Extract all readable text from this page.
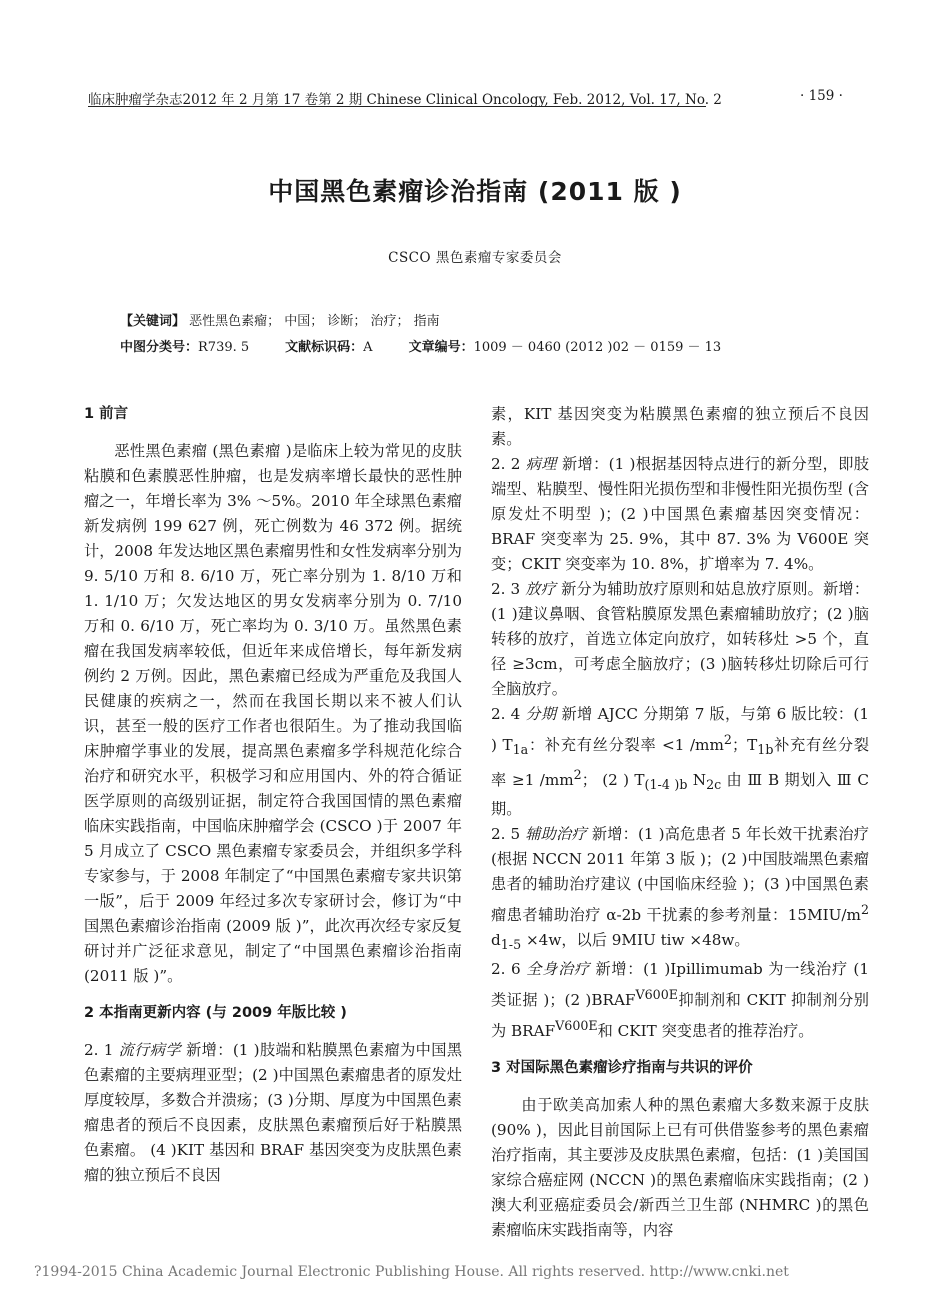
临床肿瘤学杂志2012 年 2 月第 17 卷第 2 期 Chinese Clinical Oncology, Feb. 2012, Vol. 17, No. 2	· 159 ·
中国黑色素瘤诊治指南 (2011 版 )
CSCO 黑色素瘤专家委员会
【关键词】 恶性黑色素瘤； 中国； 诊断； 治疗； 指南
中图分类号：R739. 5	文献标识码：A	文章编号：1009 － 0460 (2012 )02 － 0159 － 13

1 前言

恶性黑色素瘤 (黑色素瘤 )是临床上较为常见的皮肤粘膜和色素膜恶性肿瘤，也是发病率增长最快的恶性肿瘤之一，年增长率为 3% ～5%。2010 年全球黑色素瘤新发病例 199 627 例，死亡例数为 46 372 例。据统计，2008 年发达地区黑色素瘤男性和女性发病率分别为 9. 5/10 万和 8. 6/10 万，死亡率分别为 1. 8/10 万和 1. 1/10 万；欠发达地区的男女发病率分别为 0. 7/10 万和 0. 6/10 万，死亡率均为 0. 3/10 万。虽然黑色素瘤在我国发病率较低，但近年来成倍增长，每年新发病例约 2 万例。因此，黑色素瘤已经成为严重危及我国人民健康的疾病之一，然而在我国长期以来不被人们认识，甚至一般的医疗工作者也很陌生。为了推动我国临床肿瘤学事业的发展，提高黑色素瘤多学科规范化综合治疗和研究水平，积极学习和应用国内、外的符合循证医学原则的高级别证据，制定符合我国国情的黑色素瘤临床实践指南，中国临床肿瘤学会 (CSCO )于 2007 年 5 月成立了 CSCO 黑色素瘤专家委员会，并组织多学科专家参与，于 2008 年制定了“中国黑色素瘤专家共识第一版”，后于 2009 年经过多次专家研讨会，修订为“中国黑色素瘤诊治指南 (2009 版 )”，此次再次经专家反复研讨并广泛征求意见，制定了“中国黑色素瘤诊治指南 (2011 版 )”。

2 本指南更新内容 (与 2009 年版比较 )

2. 1 流行病学 新增：(1 )肢端和粘膜黑色素瘤为中国黑色素瘤的主要病理亚型；(2 )中国黑色素瘤患者的原发灶厚度较厚，多数合并溃疡；(3 )分期、厚度为中国黑色素瘤患者的预后不良因素，皮肤黑色素瘤预后好于粘膜黑色素瘤。 (4 )KIT 基因和 BRAF 基因突变为皮肤黑色素瘤的独立预后不良因

素，KIT 基因突变为粘膜黑色素瘤的独立预后不良因素。

2. 2 病理 新增：(1 )根据基因特点进行的新分型，即肢端型、粘膜型、慢性阳光损伤型和非慢性阳光损伤型 (含原发灶不明型 )；(2 )中国黑色素瘤基因突变情况：BRAF 突变率为 25. 9%，其中 87. 3% 为 V600E 突变；CKIT 突变率为 10. 8%，扩增率为 7. 4%。

2. 3 放疗 新分为辅助放疗原则和姑息放疗原则。新增：(1 )建议鼻咽、食管粘膜原发黑色素瘤辅助放疗；(2 )脑转移的放疗，首选立体定向放疗，如转移灶 >5 个，直径 ≥3cm，可考虑全脑放疗；(3 )脑转移灶切除后可行全脑放疗。

2. 4 分期 新增 AJCC 分期第 7 版，与第 6 版比较：(1 ) $T_{1a}$：补充有丝分裂率 <1 $/mm^2$；$T_{1b}$补充有丝分裂率 ≥1 $/mm^2$； (2 ) $T_{(1-4 )b}$ $N_{2c}$ 由 Ⅲ B 期划入 Ⅲ C 期。

2. 5 辅助治疗 新增：(1 )高危患者 5 年长效干扰素治疗 (根据 NCCN 2011 年第 3 版 )；(2 )中国肢端黑色素瘤患者的辅助治疗建议 (中国临床经验 )；(3 )中国黑色素瘤患者辅助治疗 α-2b 干扰素的参考剂量：$15MIU/m^2$ $d_{1-5} \times 4w$，以后 9MIU tiw ×48w。

2. 6 全身治疗 新增：(1 )Ipillimumab 为一线治疗 (1 类证据 )；(2 )$BRAF^{V600E}$抑制剂和 CKIT 抑制剂分别为 $BRAF^{V600E}$和 CKIT 突变患者的推荐治疗。

3 对国际黑色素瘤诊疗指南与共识的评价

由于欧美高加索人种的黑色素瘤大多数来源于皮肤 (90% )，因此目前国际上已有可供借鉴参考的黑色素瘤治疗指南，其主要涉及皮肤黑色素瘤，包括：(1 )美国国家综合癌症网 (NCCN )的黑色素瘤临床实践指南；(2 )澳大利亚癌症委员会/新西兰卫生部 (NHMRC )的黑色素瘤临床实践指南等，内容

?1994-2015 China Academic Journal Electronic Publishing House. All rights reserved. http://www.cnki.net
